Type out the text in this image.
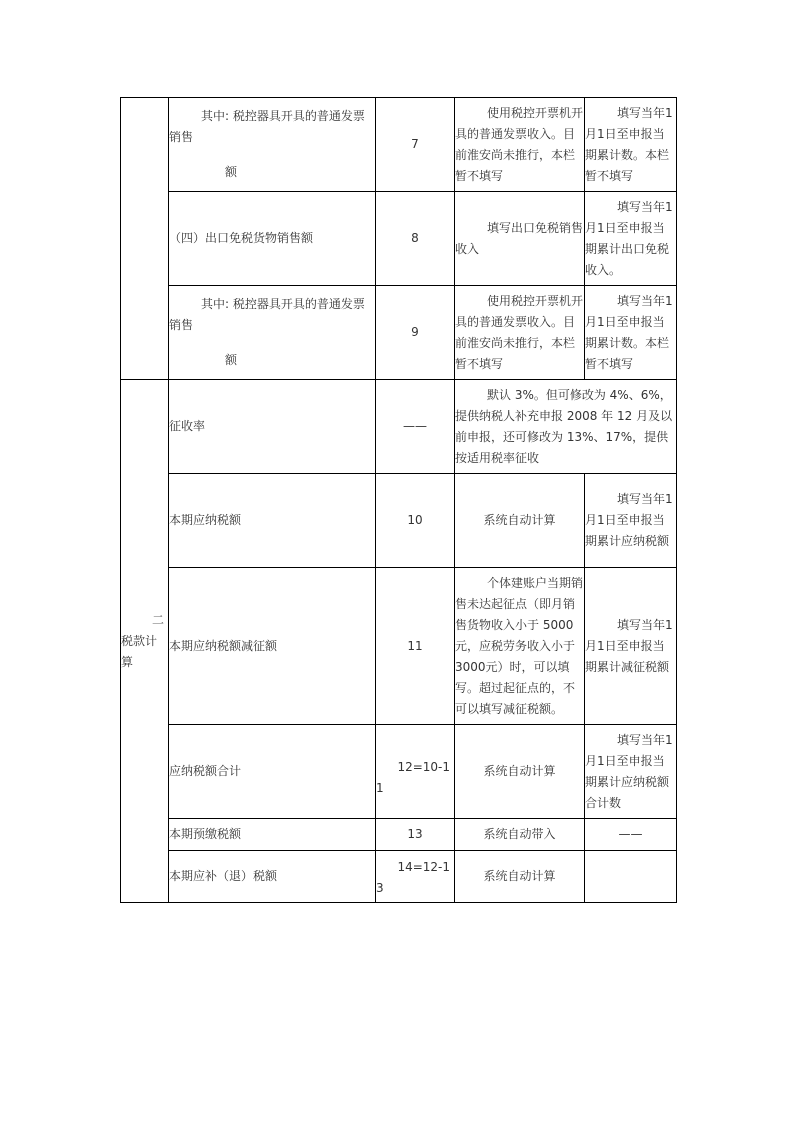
	其中: 税控器具开具的普通发票销售
额	7	使用税控开票机开具的普通发票收入。目前淮安尚未推行，本栏暂不填写	填写当年1月1日至申报当期累计数。本栏暂不填写

	（四）出口免税货物销售额	8	填写出口免税销售收入	填写当年1月1日至申报当期累计出口免税收入。

	其中: 税控器具开具的普通发票销售
额	9	使用税控开票机开具的普通发票收入。目前淮安尚未推行，本栏暂不填写	填写当年1月1日至申报当期累计数。本栏暂不填写

二
税款计算	征收率	——	默认 3%。但可修改为 4%、6%，提供纳税人补充申报 2008 年 12 月及以前申报，还可修改为 13%、17%，提供按适用税率征收	

	本期应纳税额	10	系统自动计算	填写当年1月1日至申报当期累计应纳税额

	本期应纳税额减征额	11	个体建账户当期销售未达起征点（即月销售货物收入小于 5000元，应税劳务收入小于 3000元）时，可以填写。超过起征点的，不可以填写减征税额。	填写当年1月1日至申报当期累计减征税额

	应纳税额合计	12=10-1
1	系统自动计算	填写当年1月1日至申报当期累计应纳税额合计数

	本期预缴税额	13	系统自动带入	——
	本期应补（退）税额	14=12-1
3	系统自动计算	
